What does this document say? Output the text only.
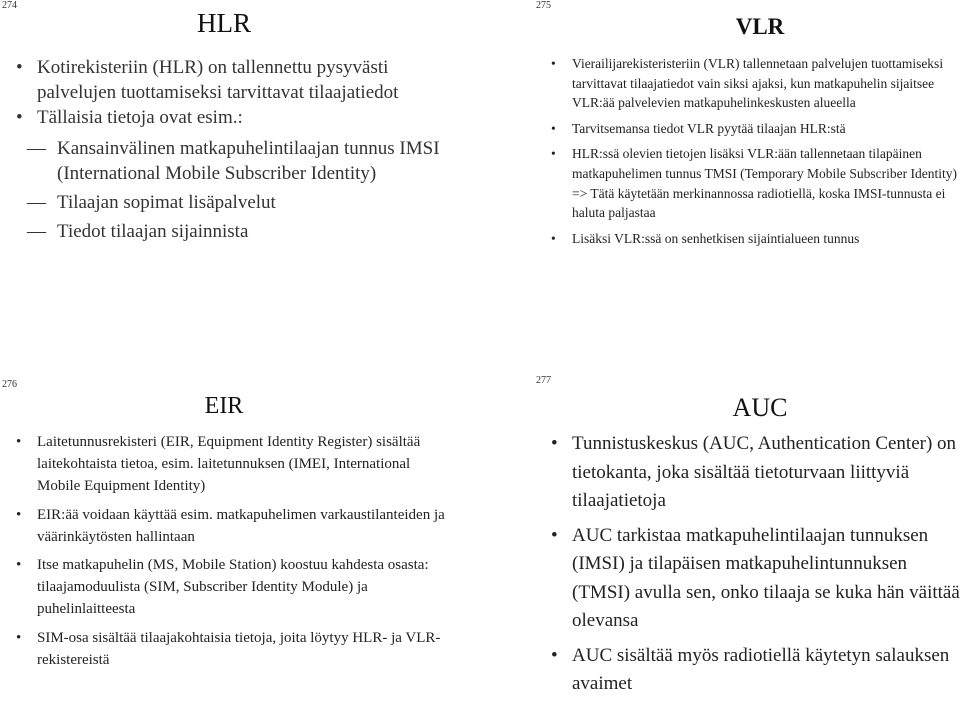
274
HLR
• Kotirekisteriin (HLR) on tallennettu pysyvästi palvelujen tuottamiseksi tarvittavat tilaajatiedot
• Tällaisia tietoja ovat esim.:
— Kansainvälinen matkapuhelintilaajan tunnus IMSI (International Mobile Subscriber Identity)
— Tilaajan sopimat lisäpalvelut
— Tiedot tilaajan sijainnista
275
VLR
• Vierailijarekisteristeriin (VLR) tallennetaan palvelujen tuottamiseksi tarvittavat tilaajatiedot vain siksi ajaksi, kun matkapuhelin sijaitsee VLR:ää palvelevien matkapuhelinkeskusten alueella
• Tarvitsemansa tiedot VLR pyytää tilaajan HLR:stä
• HLR:ssä olevien tietojen lisäksi VLR:ään tallennetaan tilapäinen matkapuhelimen tunnus TMSI (Temporary Mobile Subscriber Identity) => Tätä käytetään merkinannossa radiotiellä, koska IMSI-tunnusta ei haluta paljastaa
• Lisäksi VLR:ssä on senhetkisen sijaintialueen tunnus
276
EIR
• Laitetunnusrekisteri (EIR, Equipment Identity Register) sisältää laitekohtaista tietoa, esim. laitetunnuksen (IMEI, International Mobile Equipment Identity)
• EIR:ää voidaan käyttää esim. matkapuhelimen varkaustilanteiden ja väärinkäytösten hallintaan
• Itse matkapuhelin (MS, Mobile Station) koostuu kahdesta osasta: tilaajamoduulista (SIM, Subscriber Identity Module) ja puhelinlaitteesta
• SIM-osa sisältää tilaajakohtaisia tietoja, joita löytyy HLR- ja VLR-rekistereistä
277
AUC
• Tunnistuskeskus (AUC, Authentication Center) on tietokanta, joka sisältää tietoturvaan liittyviä tilaajatietoja
• AUC tarkistaa matkapuhelintilaajan tunnuksen (IMSI) ja tilapäisen matkapuhelintunnuksen (TMSI) avulla sen, onko tilaaja se kuka hän väittää olevansa
• AUC sisältää myös radiotiellä käytetyn salauksen avaimet
